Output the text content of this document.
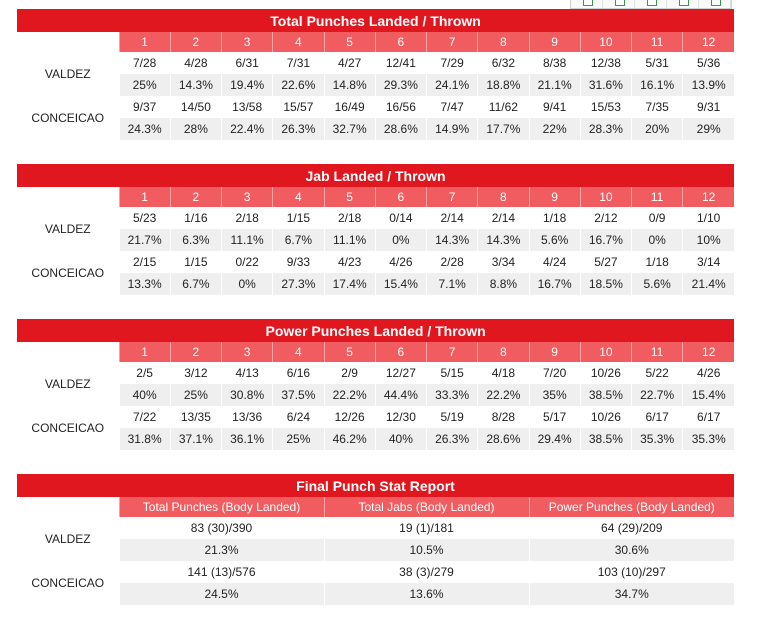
Total Punches Landed / Thrown												
	1	2	3	4	5	6	7	8	9	10	11	12
VALDEZ	7/28	4/28	6/31	7/31	4/27	12/41	7/29	6/32	8/38	12/38	5/31	5/36
	25%	14.3%	19.4%	22.6%	14.8%	29.3%	24.1%	18.8%	21.1%	31.6%	16.1%	13.9%
CONCEICAO	9/37	14/50	13/58	15/57	16/49	16/56	7/47	11/62	9/41	15/53	7/35	9/31
	24.3%	28%	22.4%	26.3%	32.7%	28.6%	14.9%	17.7%	22%	28.3%	20%	29%
Jab Landed / Thrown												
	1	2	3	4	5	6	7	8	9	10	11	12
VALDEZ	5/23	1/16	2/18	1/15	2/18	0/14	2/14	2/14	1/18	2/12	0/9	1/10
	21.7%	6.3%	11.1%	6.7%	11.1%	0%	14.3%	14.3%	5.6%	16.7%	0%	10%
CONCEICAO	2/15	1/15	0/22	9/33	4/23	4/26	2/28	3/34	4/24	5/27	1/18	3/14
	13.3%	6.7%	0%	27.3%	17.4%	15.4%	7.1%	8.8%	16.7%	18.5%	5.6%	21.4%
Power Punches Landed / Thrown												
	1	2	3	4	5	6	7	8	9	10	11	12
VALDEZ	2/5	3/12	4/13	6/16	2/9	12/27	5/15	4/18	7/20	10/26	5/22	4/26
	40%	25%	30.8%	37.5%	22.2%	44.4%	33.3%	22.2%	35%	38.5%	22.7%	15.4%
CONCEICAO	7/22	13/35	13/36	6/24	12/26	12/30	5/19	8/28	5/17	10/26	6/17	6/17
	31.8%	37.1%	36.1%	25%	46.2%	40%	26.3%	28.6%	29.4%	38.5%	35.3%	35.3%
Final Punch Stat Report			
	Total Punches (Body Landed)	Total Jabs (Body Landed)	Power Punches (Body Landed)
VALDEZ	83 (30)/390	19 (1)/181	64 (29)/209
	21.3%	10.5%	30.6%
CONCEICAO	141 (13)/576	38 (3)/279	103 (10)/297
	24.5%	13.6%	34.7%
